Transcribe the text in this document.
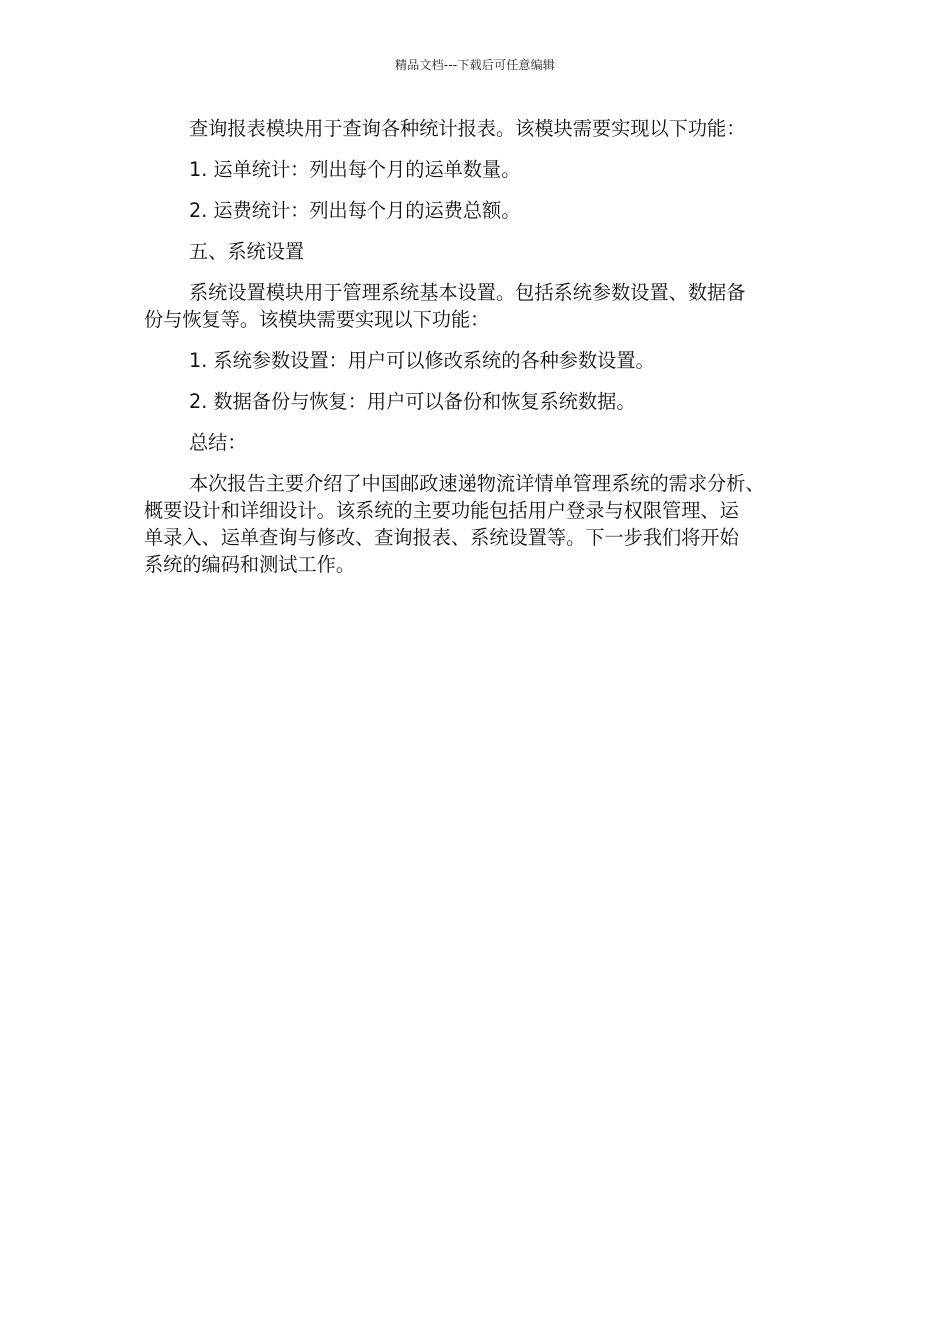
精品文档---下载后可任意编辑

查询报表模块用于查询各种统计报表。该模块需要实现以下功能：

1. 运单统计：列出每个月的运单数量。

2. 运费统计：列出每个月的运费总额。

五、系统设置

系统设置模块用于管理系统基本设置。包括系统参数设置、数据备
份与恢复等。该模块需要实现以下功能：

1. 系统参数设置：用户可以修改系统的各种参数设置。

2. 数据备份与恢复：用户可以备份和恢复系统数据。

总结：

本次报告主要介绍了中国邮政速递物流详情单管理系统的需求分析、
概要设计和详细设计。该系统的主要功能包括用户登录与权限管理、运
单录入、运单查询与修改、查询报表、系统设置等。下一步我们将开始
系统的编码和测试工作。
